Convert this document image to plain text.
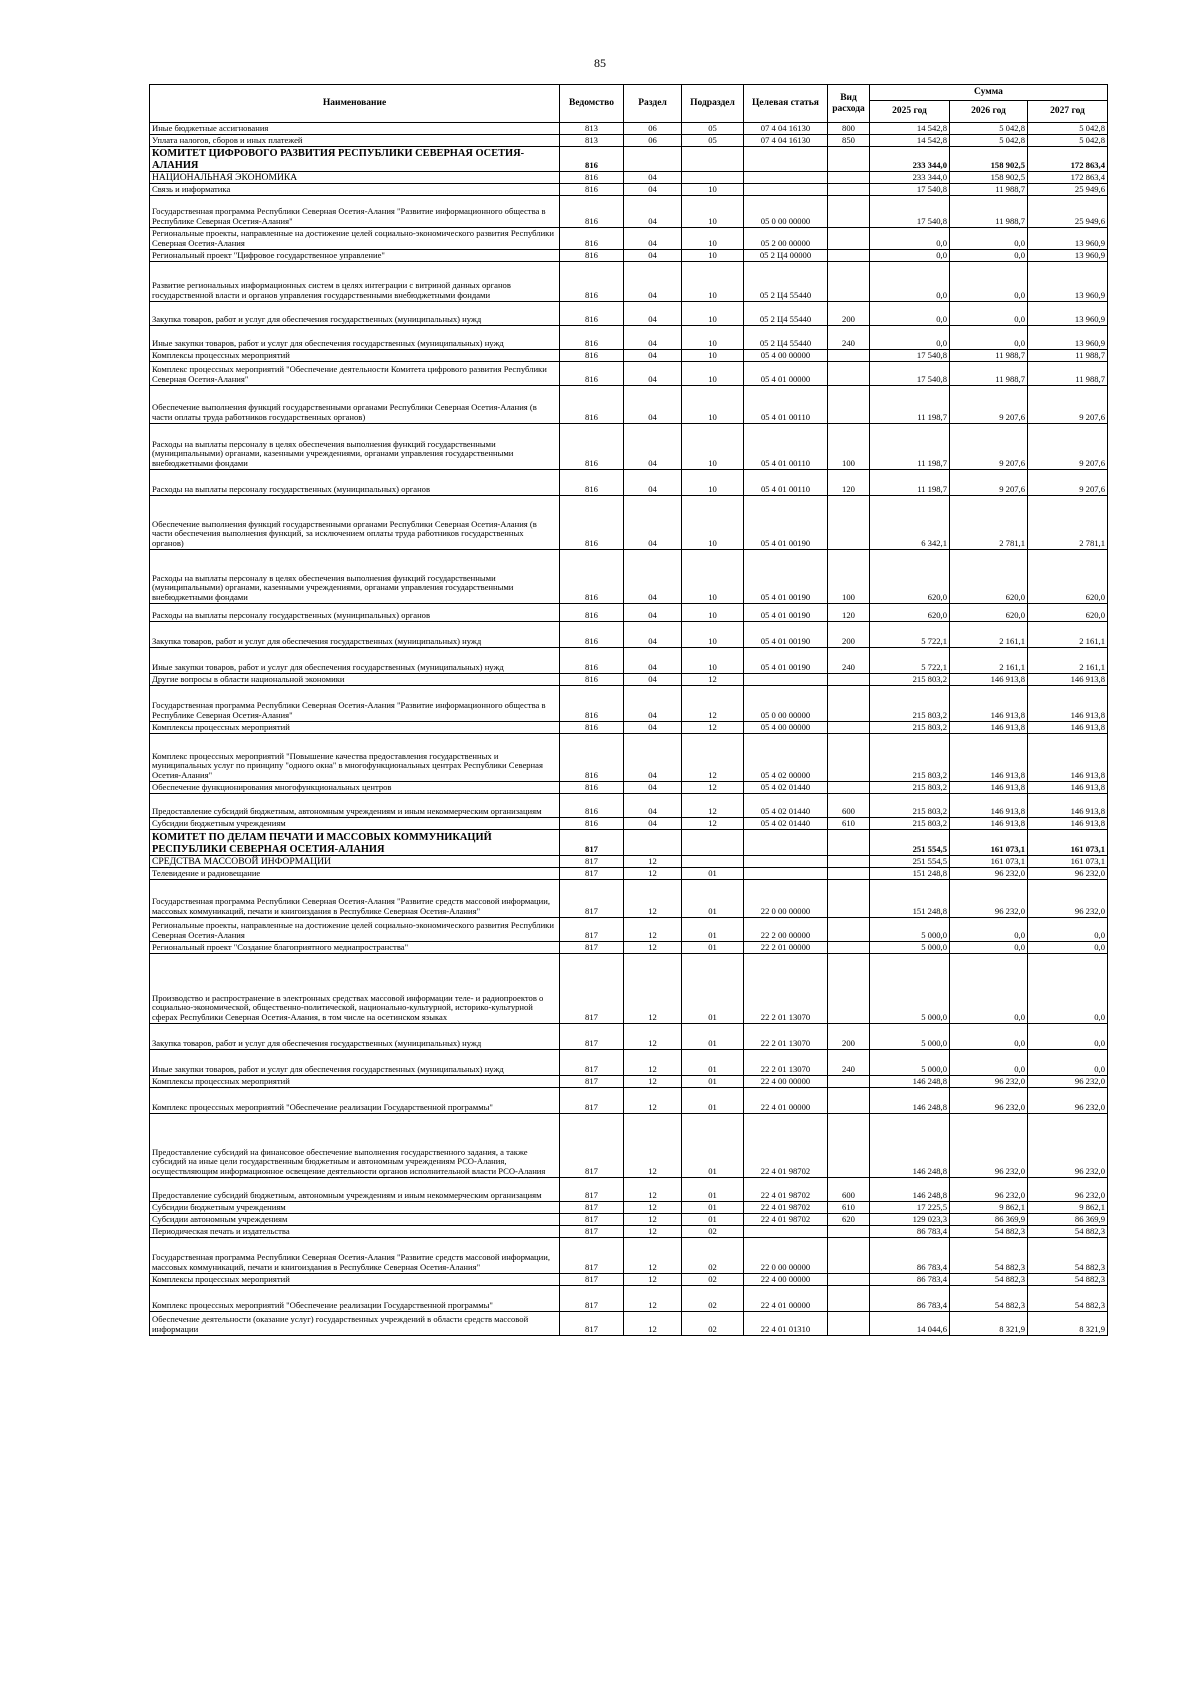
85
Наименование	Ведомство	Раздел	Подраздел	Целевая статья	Вид расхода	Сумма		
						2025 год	2026 год	2027 год
Иные бюджетные ассигнования	813	06	05	07 4 04 16130	800	14 542,8	5 042,8	5 042,8
Уплата налогов, сборов и иных платежей	813	06	05	07 4 04 16130	850	14 542,8	5 042,8	5 042,8
КОМИТЕТ ЦИФРОВОГО РАЗВИТИЯ РЕСПУБЛИКИ СЕВЕРНАЯ ОСЕТИЯ-АЛАНИЯ	816					233 344,0	158 902,5	172 863,4
НАЦИОНАЛЬНАЯ ЭКОНОМИКА	816	04				233 344,0	158 902,5	172 863,4
Связь и информатика	816	04	10			17 540,8	11 988,7	25 949,6
Государственная программа Республики Северная Осетия-Алания "Развитие информационного общества в Республике Северная Осетия-Алания"	816	04	10	05 0 00 00000		17 540,8	11 988,7	25 949,6
Региональные проекты, направленные на достижение целей социально-экономического развития Республики Северная Осетия-Алания	816	04	10	05 2 00 00000		0,0	0,0	13 960,9
Региональный проект "Цифровое государственное управление"	816	04	10	05 2 Ц4 00000		0,0	0,0	13 960,9
Развитие региональных информационных систем в целях интеграции с витриной данных органов государственной власти и органов управления государственными внебюджетными фондами	816	04	10	05 2 Ц4 55440		0,0	0,0	13 960,9
Закупка товаров, работ и услуг для обеспечения государственных (муниципальных) нужд	816	04	10	05 2 Ц4 55440	200	0,0	0,0	13 960,9
Иные закупки товаров, работ и услуг для обеспечения государственных (муниципальных) нужд	816	04	10	05 2 Ц4 55440	240	0,0	0,0	13 960,9
Комплексы процессных мероприятий	816	04	10	05 4 00 00000		17 540,8	11 988,7	11 988,7
Комплекс процессных мероприятий "Обеспечение деятельности Комитета цифрового развития Республики Северная Осетия-Алания"	816	04	10	05 4 01 00000		17 540,8	11 988,7	11 988,7
Обеспечение выполнения функций государственными органами Республики Северная Осетия-Алания (в части оплаты труда работников государственных органов)	816	04	10	05 4 01 00110		11 198,7	9 207,6	9 207,6
Расходы на выплаты персоналу в целях обеспечения выполнения функций государственными (муниципальными) органами, казенными учреждениями, органами управления государственными внебюджетными фондами	816	04	10	05 4 01 00110	100	11 198,7	9 207,6	9 207,6
Расходы на выплаты персоналу государственных (муниципальных) органов	816	04	10	05 4 01 00110	120	11 198,7	9 207,6	9 207,6
Обеспечение выполнения функций государственными органами Республики Северная Осетия-Алания (в части обеспечения выполнения функций, за исключением оплаты труда работников государственных органов)	816	04	10	05 4 01 00190		6 342,1	2 781,1	2 781,1
Расходы на выплаты персоналу в целях обеспечения выполнения функций государственными (муниципальными) органами, казенными учреждениями, органами управления государственными внебюджетными фондами	816	04	10	05 4 01 00190	100	620,0	620,0	620,0
Расходы на выплаты персоналу государственных (муниципальных) органов	816	04	10	05 4 01 00190	120	620,0	620,0	620,0
Закупка товаров, работ и услуг для обеспечения государственных (муниципальных) нужд	816	04	10	05 4 01 00190	200	5 722,1	2 161,1	2 161,1
Иные закупки товаров, работ и услуг для обеспечения государственных (муниципальных) нужд	816	04	10	05 4 01 00190	240	5 722,1	2 161,1	2 161,1
Другие вопросы в области национальной экономики	816	04	12			215 803,2	146 913,8	146 913,8
Государственная программа Республики Северная Осетия-Алания "Развитие информационного общества в Республике Северная Осетия-Алания"	816	04	12	05 0 00 00000		215 803,2	146 913,8	146 913,8
Комплексы процессных мероприятий	816	04	12	05 4 00 00000		215 803,2	146 913,8	146 913,8
Комплекс процессных мероприятий "Повышение качества предоставления государственных и муниципальных услуг по принципу "одного окна" в многофункциональных центрах Республики Северная Осетия-Алания"	816	04	12	05 4 02 00000		215 803,2	146 913,8	146 913,8
Обеспечение функционирования многофункциональных центров	816	04	12	05 4 02 01440		215 803,2	146 913,8	146 913,8
Предоставление субсидий бюджетным, автономным учреждениям и иным некоммерческим организациям	816	04	12	05 4 02 01440	600	215 803,2	146 913,8	146 913,8
Субсидии бюджетным учреждениям	816	04	12	05 4 02 01440	610	215 803,2	146 913,8	146 913,8
КОМИТЕТ ПО ДЕЛАМ ПЕЧАТИ И МАССОВЫХ КОММУНИКАЦИЙ РЕСПУБЛИКИ СЕВЕРНАЯ ОСЕТИЯ-АЛАНИЯ	817					251 554,5	161 073,1	161 073,1
СРЕДСТВА МАССОВОЙ ИНФОРМАЦИИ	817	12				251 554,5	161 073,1	161 073,1
Телевидение и радиовещание	817	12	01			151 248,8	96 232,0	96 232,0
Государственная программа Республики Северная Осетия-Алания "Развитие средств массовой информации, массовых коммуникаций, печати и книгоиздания в Республике Северная Осетия-Алания"	817	12	01	22 0 00 00000		151 248,8	96 232,0	96 232,0
Региональные проекты, направленные на достижение целей социально-экономического развития Республики Северная Осетия-Алания	817	12	01	22 2 00 00000		5 000,0	0,0	0,0
Региональный проект "Создание благоприятного медиапространства"	817	12	01	22 2 01 00000		5 000,0	0,0	0,0
Производство и распространение в электронных средствах массовой информации теле- и радиопроектов о социально-экономической, общественно-политической, национально-культурной, историко-культурной сферах Республики Северная Осетия-Алания, в том числе на осетинском языках	817	12	01	22 2 01 13070		5 000,0	0,0	0,0
Закупка товаров, работ и услуг для обеспечения государственных (муниципальных) нужд	817	12	01	22 2 01 13070	200	5 000,0	0,0	0,0
Иные закупки товаров, работ и услуг для обеспечения государственных (муниципальных) нужд	817	12	01	22 2 01 13070	240	5 000,0	0,0	0,0
Комплексы процессных мероприятий	817	12	01	22 4 00 00000		146 248,8	96 232,0	96 232,0
Комплекс процессных мероприятий "Обеспечение реализации Государственной программы"	817	12	01	22 4 01 00000		146 248,8	96 232,0	96 232,0
Предоставление субсидий на финансовое обеспечение выполнения государственного задания, а также субсидий на иные цели государственным бюджетным и автономным учреждениям РСО-Алания, осуществляющим информационное освещение деятельности органов исполнительной власти РСО-Алания	817	12	01	22 4 01 98702		146 248,8	96 232,0	96 232,0
Предоставление субсидий бюджетным, автономным учреждениям и иным некоммерческим организациям	817	12	01	22 4 01 98702	600	146 248,8	96 232,0	96 232,0
Субсидии бюджетным учреждениям	817	12	01	22 4 01 98702	610	17 225,5	9 862,1	9 862,1
Субсидии автономным учреждениям	817	12	01	22 4 01 98702	620	129 023,3	86 369,9	86 369,9
Периодическая печать и издательства	817	12	02			86 783,4	54 882,3	54 882,3
Государственная программа Республики Северная Осетия-Алания "Развитие средств массовой информации, массовых коммуникаций, печати и книгоиздания в Республике Северная Осетия-Алания"	817	12	02	22 0 00 00000		86 783,4	54 882,3	54 882,3
Комплексы процессных мероприятий	817	12	02	22 4 00 00000		86 783,4	54 882,3	54 882,3
Комплекс процессных мероприятий "Обеспечение реализации Государственной программы"	817	12	02	22 4 01 00000		86 783,4	54 882,3	54 882,3
Обеспечение деятельности (оказание услуг) государственных учреждений в области средств массовой информации	817	12	02	22 4 01 01310		14 044,6	8 321,9	8 321,9
